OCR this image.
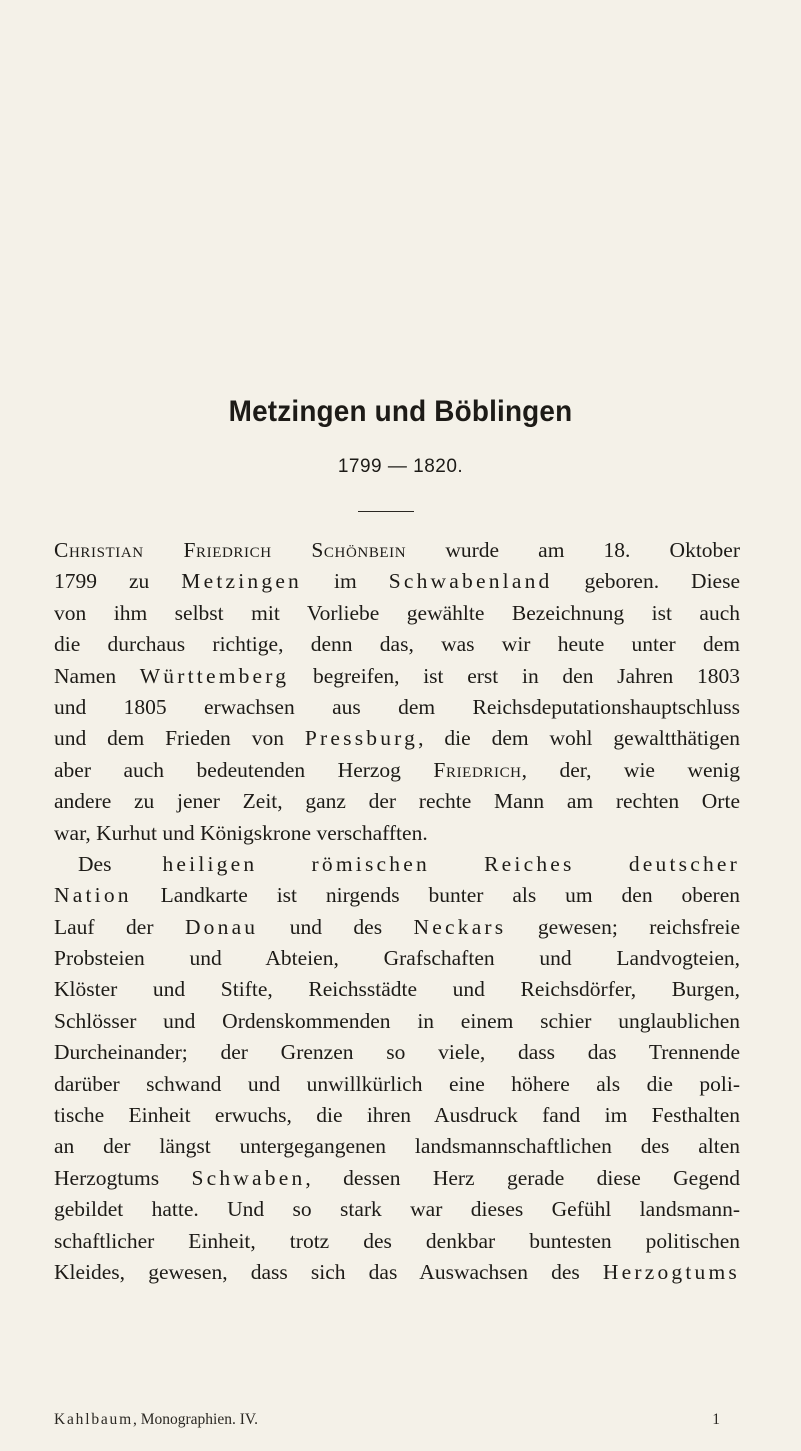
Metzingen und Böblingen
1799 — 1820.
Christian Friedrich Schönbein wurde am 18. Oktober
1799 zu Metzingen im Schwabenland geboren. Diese
von ihm selbst mit Vorliebe gewählte Bezeichnung ist auch
die durchaus richtige, denn das, was wir heute unter dem
Namen Württemberg begreifen, ist erst in den Jahren 1803
und 1805 erwachsen aus dem Reichsdeputationshauptschluss
und dem Frieden von Pressburg, die dem wohl gewaltthätigen
aber auch bedeutenden Herzog Friedrich, der, wie wenig
andere zu jener Zeit, ganz der rechte Mann am rechten Orte
war, Kurhut und Königskrone verschafften.
Des heiligen römischen Reiches deutscher
Nation Landkarte ist nirgends bunter als um den oberen
Lauf der Donau und des Neckars gewesen; reichsfreie
Probsteien und Abteien, Grafschaften und Landvogteien,
Klöster und Stifte, Reichsstädte und Reichsdörfer, Burgen,
Schlösser und Ordenskommenden in einem schier unglaublichen
Durcheinander; der Grenzen so viele, dass das Trennende
darüber schwand und unwillkürlich eine höhere als die poli-
tische Einheit erwuchs, die ihren Ausdruck fand im Festhalten
an der längst untergegangenen landsmannschaftlichen des alten
Herzogtums Schwaben, dessen Herz gerade diese Gegend
gebildet hatte. Und so stark war dieses Gefühl landsmann-
schaftlicher Einheit, trotz des denkbar buntesten politischen
Kleides, gewesen, dass sich das Auswachsen des Herzogtums
Kahlbaum, Monographien. IV.	1
